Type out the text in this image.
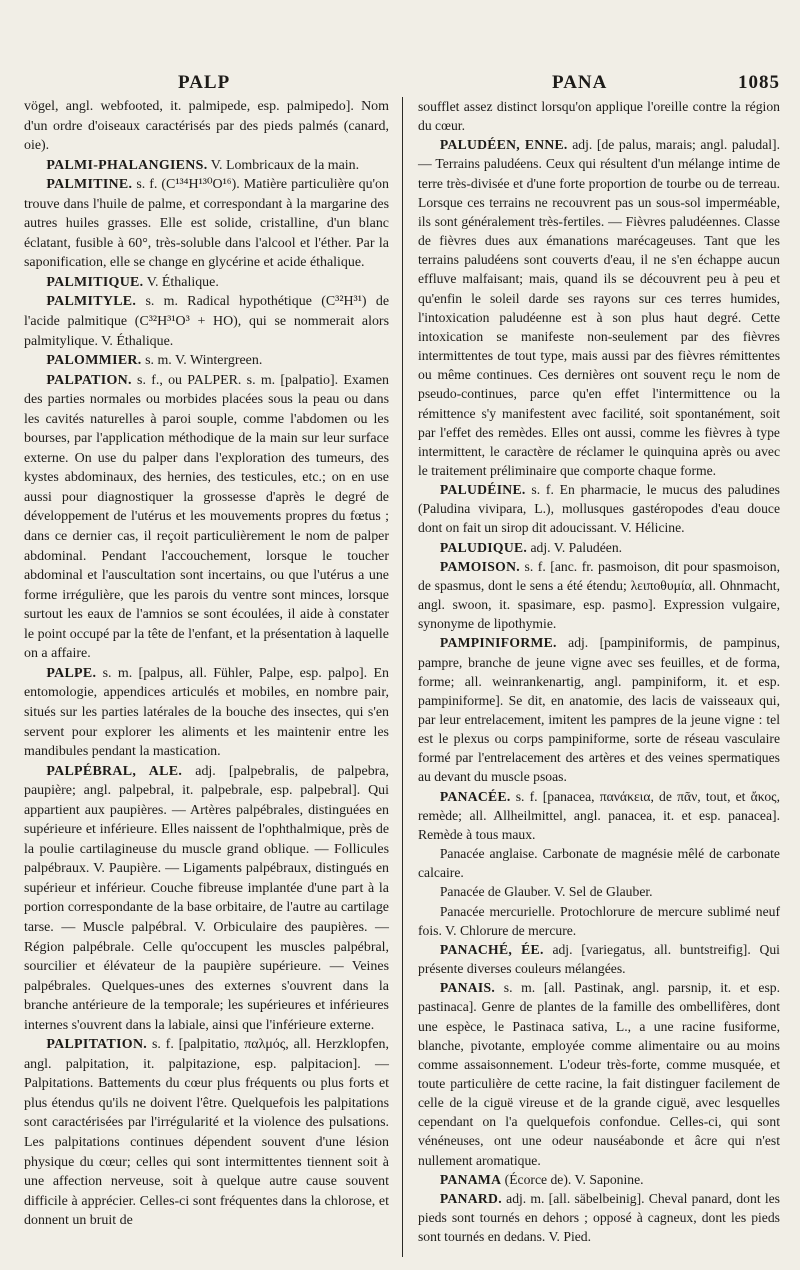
PALP	PANA	1085

vögel, angl. webfooted, it. palmipede, esp. palmipedo]. Nom d'un ordre d'oiseaux caractérisés par des pieds palmés (canard, oie).

PALMI-PHALANGIENS. V. Lombricaux de la main.

PALMITINE. s. f. (C¹³⁴H¹³⁰O¹⁶). Matière particulière qu'on trouve dans l'huile de palme, et correspondant à la margarine des autres huiles grasses. Elle est solide, cristalline, d'un blanc éclatant, fusible à 60°, très-soluble dans l'alcool et l'éther. Par la saponification, elle se change en glycérine et acide éthalique.

PALMITIQUE. V. Éthalique.

PALMITYLE. s. m. Radical hypothétique (C³²H³¹) de l'acide palmitique (C³²H³¹O³ + HO), qui se nommerait alors palmitylique. V. Éthalique.

PALOMMIER. s. m. V. Wintergreen.

PALPATION. s. f., ou PALPER. s. m. [palpatio]. Examen des parties normales ou morbides placées sous la peau ou dans les cavités naturelles à paroi souple, comme l'abdomen ou les bourses, par l'application méthodique de la main sur leur surface externe. On use du palper dans l'exploration des tumeurs, des kystes abdominaux, des hernies, des testicules, etc.; on en use aussi pour diagnostiquer la grossesse d'après le degré de développement de l'utérus et les mouvements propres du fœtus ; dans ce dernier cas, il reçoit particulièrement le nom de palper abdominal. Pendant l'accouchement, lorsque le toucher abdominal et l'auscultation sont incertains, ou que l'utérus a une forme irrégulière, que les parois du ventre sont minces, lorsque surtout les eaux de l'amnios se sont écoulées, il aide à constater le point occupé par la tête de l'enfant, et la présentation à laquelle on a affaire.

PALPE. s. m. [palpus, all. Fühler, Palpe, esp. palpo]. En entomologie, appendices articulés et mobiles, en nombre pair, situés sur les parties latérales de la bouche des insectes, qui s'en servent pour explorer les aliments et les maintenir entre les mandibules pendant la mastication.

PALPÉBRAL, ALE. adj. [palpebralis, de palpebra, paupière; angl. palpebral, it. palpebrale, esp. palpebral]. Qui appartient aux paupières. — Artères palpébrales, distinguées en supérieure et inférieure. Elles naissent de l'ophthalmique, près de la poulie cartilagineuse du muscle grand oblique. — Follicules palpébraux. V. Paupière. — Ligaments palpébraux, distingués en supérieur et inférieur. Couche fibreuse implantée d'une part à la portion correspondante de la base orbitaire, de l'autre au cartilage tarse. — Muscle palpébral. V. Orbiculaire des paupières. — Région palpébrale. Celle qu'occupent les muscles palpébral, sourcilier et élévateur de la paupière supérieure. — Veines palpébrales. Quelques-unes des externes s'ouvrent dans la branche antérieure de la temporale; les supérieures et inférieures internes s'ouvrent dans la labiale, ainsi que l'inférieure externe.

PALPITATION. s. f. [palpitatio, παλμός, all. Herzklopfen, angl. palpitation, it. palpitazione, esp. palpitacion]. — Palpitations. Battements du cœur plus fréquents ou plus forts et plus étendus qu'ils ne doivent l'être. Quelquefois les palpitations sont caractérisées par l'irrégularité et la violence des pulsations. Les palpitations continues dépendent souvent d'une lésion physique du cœur; celles qui sont intermittentes tiennent soit à une affection nerveuse, soit à quelque autre cause souvent difficile à apprécier. Celles-ci sont fréquentes dans la chlorose, et donnent un bruit de

soufflet assez distinct lorsqu'on applique l'oreille contre la région du cœur.

PALUDÉEN, ENNE. adj. [de palus, marais; angl. paludal]. — Terrains paludéens. Ceux qui résultent d'un mélange intime de terre très-divisée et d'une forte proportion de tourbe ou de terreau. Lorsque ces terrains ne recouvrent pas un sous-sol imperméable, ils sont généralement très-fertiles. — Fièvres paludéennes. Classe de fièvres dues aux émanations marécageuses. Tant que les terrains paludéens sont couverts d'eau, il ne s'en échappe aucun effluve malfaisant; mais, quand ils se découvrent peu à peu et qu'enfin le soleil darde ses rayons sur ces terres humides, l'intoxication paludéenne est à son plus haut degré. Cette intoxication se manifeste non-seulement par des fièvres intermittentes de tout type, mais aussi par des fièvres rémittentes ou même continues. Ces dernières ont souvent reçu le nom de pseudo-continues, parce qu'en effet l'intermittence ou la rémittence s'y manifestent avec facilité, soit spontanément, soit par l'effet des remèdes. Elles ont aussi, comme les fièvres à type intermittent, le caractère de réclamer le quinquina après ou avec le traitement préliminaire que comporte chaque forme.

PALUDÉINE. s. f. En pharmacie, le mucus des paludines (Paludina vivipara, L.), mollusques gastéropodes d'eau douce dont on fait un sirop dit adoucissant. V. Hélicine.

PALUDIQUE. adj. V. Paludéen.

PAMOISON. s. f. [anc. fr. pasmoison, dit pour spasmoison, de spasmus, dont le sens a été étendu; λειποθυμία, all. Ohnmacht, angl. swoon, it. spasimare, esp. pasmo]. Expression vulgaire, synonyme de lipothymie.

PAMPINIFORME. adj. [pampiniformis, de pampinus, pampre, branche de jeune vigne avec ses feuilles, et de forma, forme; all. weinrankenartig, angl. pampiniform, it. et esp. pampiniforme]. Se dit, en anatomie, des lacis de vaisseaux qui, par leur entrelacement, imitent les pampres de la jeune vigne : tel est le plexus ou corps pampiniforme, sorte de réseau vasculaire formé par l'entrelacement des artères et des veines spermatiques au devant du muscle psoas.

PANACÉE. s. f. [panacea, πανάκεια, de πᾶν, tout, et ἄκος, remède; all. Allheilmittel, angl. panacea, it. et esp. panacea]. Remède à tous maux.

Panacée anglaise. Carbonate de magnésie mêlé de carbonate calcaire.

Panacée de Glauber. V. Sel de Glauber.

Panacée mercurielle. Protochlorure de mercure sublimé neuf fois. V. Chlorure de mercure.

PANACHÉ, ÉE. adj. [variegatus, all. buntstreifig]. Qui présente diverses couleurs mélangées.

PANAIS. s. m. [all. Pastinak, angl. parsnip, it. et esp. pastinaca]. Genre de plantes de la famille des ombellifères, dont une espèce, le Pastinaca sativa, L., a une racine fusiforme, blanche, pivotante, employée comme alimentaire ou au moins comme assaisonnement. L'odeur très-forte, comme musquée, et toute particulière de cette racine, la fait distinguer facilement de celle de la ciguë vireuse et de la grande ciguë, avec lesquelles cependant on l'a quelquefois confondue. Celles-ci, qui sont vénéneuses, ont une odeur nauséabonde et âcre qui n'est nullement aromatique.

PANAMA (Écorce de). V. Saponine.

PANARD. adj. m. [all. säbelbeinig]. Cheval panard, dont les pieds sont tournés en dehors ; opposé à cagneux, dont les pieds sont tournés en dedans. V. Pied.
